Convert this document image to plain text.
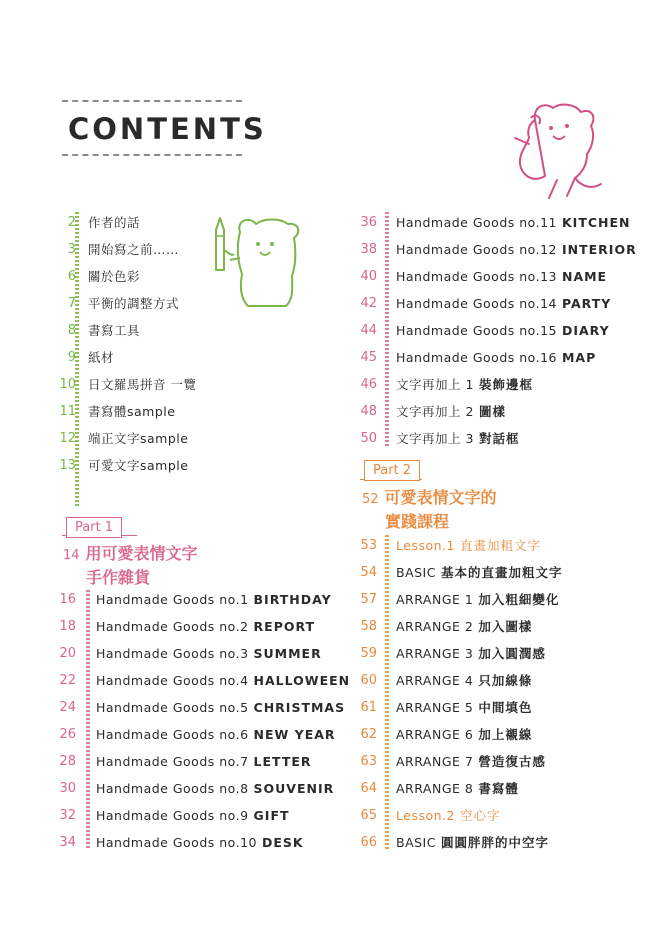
CONTENTS
2 作者的話
3 開始寫之前……
6 關於色彩
7 平衡的調整方式
8 書寫工具
9 紙材
10 日文羅馬拼音 一覽
11 書寫體sample
12 端正文字sample
13 可愛文字sample
Part 1
14 用可愛表情文字
手作雜貨
16 Handmade Goods no.1 BIRTHDAY
18 Handmade Goods no.2 REPORT
20 Handmade Goods no.3 SUMMER
22 Handmade Goods no.4 HALLOWEEN
24 Handmade Goods no.5 CHRISTMAS
26 Handmade Goods no.6 NEW YEAR
28 Handmade Goods no.7 LETTER
30 Handmade Goods no.8 SOUVENIR
32 Handmade Goods no.9 GIFT
34 Handmade Goods no.10 DESK
36 Handmade Goods no.11 KITCHEN
38 Handmade Goods no.12 INTERIOR
40 Handmade Goods no.13 NAME
42 Handmade Goods no.14 PARTY
44 Handmade Goods no.15 DIARY
45 Handmade Goods no.16 MAP
46 文字再加上 1 裝飾邊框
48 文字再加上 2 圖樣
50 文字再加上 3 對話框
Part 2
52 可愛表情文字的
實踐課程
53 Lesson.1 直畫加粗文字
54 BASIC 基本的直畫加粗文字
57 ARRANGE 1 加入粗細變化
58 ARRANGE 2 加入圖樣
59 ARRANGE 3 加入圓潤感
60 ARRANGE 4 只加線條
61 ARRANGE 5 中間填色
62 ARRANGE 6 加上襯線
63 ARRANGE 7 營造復古感
64 ARRANGE 8 書寫體
65 Lesson.2 空心字
66 BASIC 圓圓胖胖的中空字
